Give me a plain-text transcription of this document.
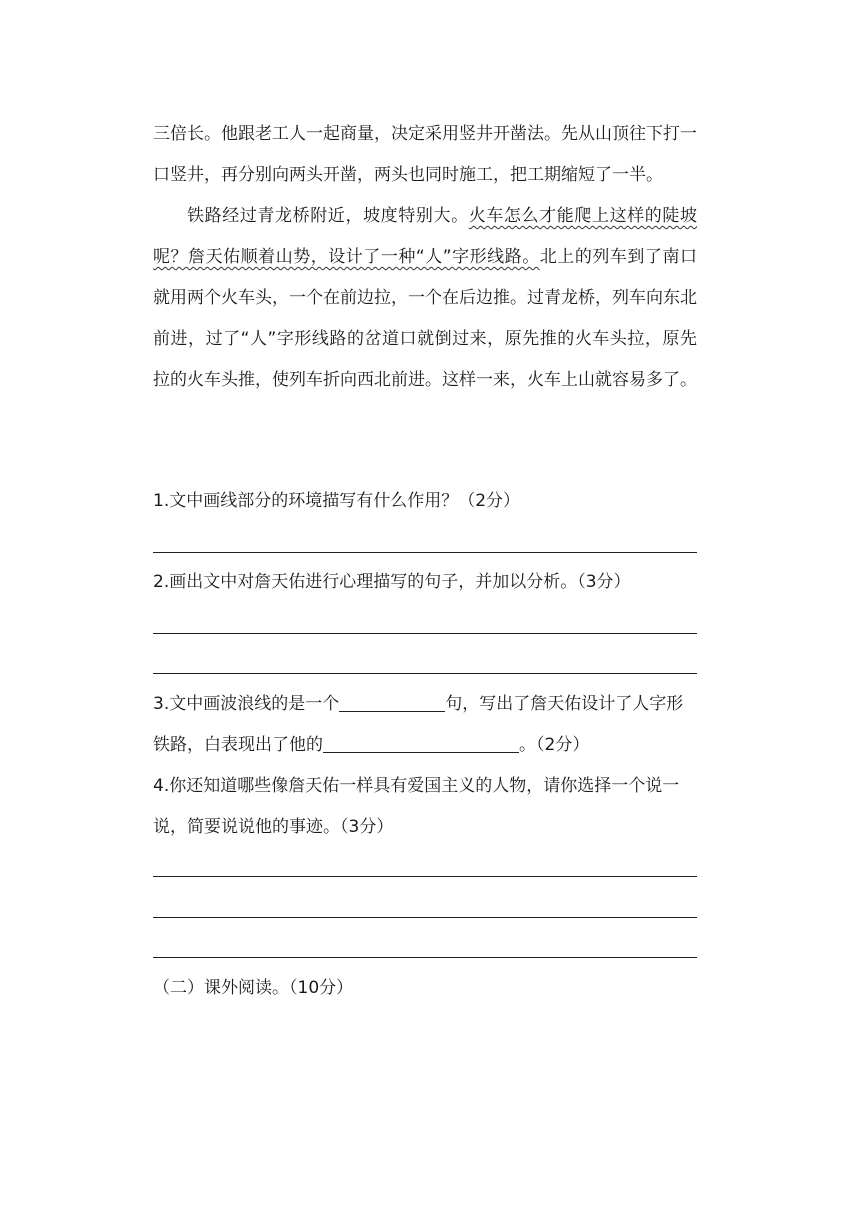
三倍长。他跟老工人一起商量，决定采用竖井开凿法。先从山顶往下打一口竖井，再分别向两头开凿，两头也同时施工，把工期缩短了一半。

铁路经过青龙桥附近，坡度特别大。火车怎么才能爬上这样的陡坡呢？詹天佑顺着山势，设计了一种“人”字形线路。北上的列车到了南口就用两个火车头，一个在前边拉，一个在后边推。过青龙桥，列车向东北前进，过了“人”字形线路的岔道口就倒过来，原先推的火车头拉，原先拉的火车头推，使列车折向西北前进。这样一来，火车上山就容易多了。

1.文中画线部分的环境描写有什么作用？（2分）

2.画出文中对詹天佑进行心理描写的句子，并加以分析。（3分）

3.文中画波浪线的是一个	句，写出了詹天佑设计了人字形铁路，白表现出了他的	。（2分）

4.你还知道哪些像詹天佑一样具有爱国主义的人物，请你选择一个说一说，简要说说他的事迹。（3分）

（二）课外阅读。（10分）
